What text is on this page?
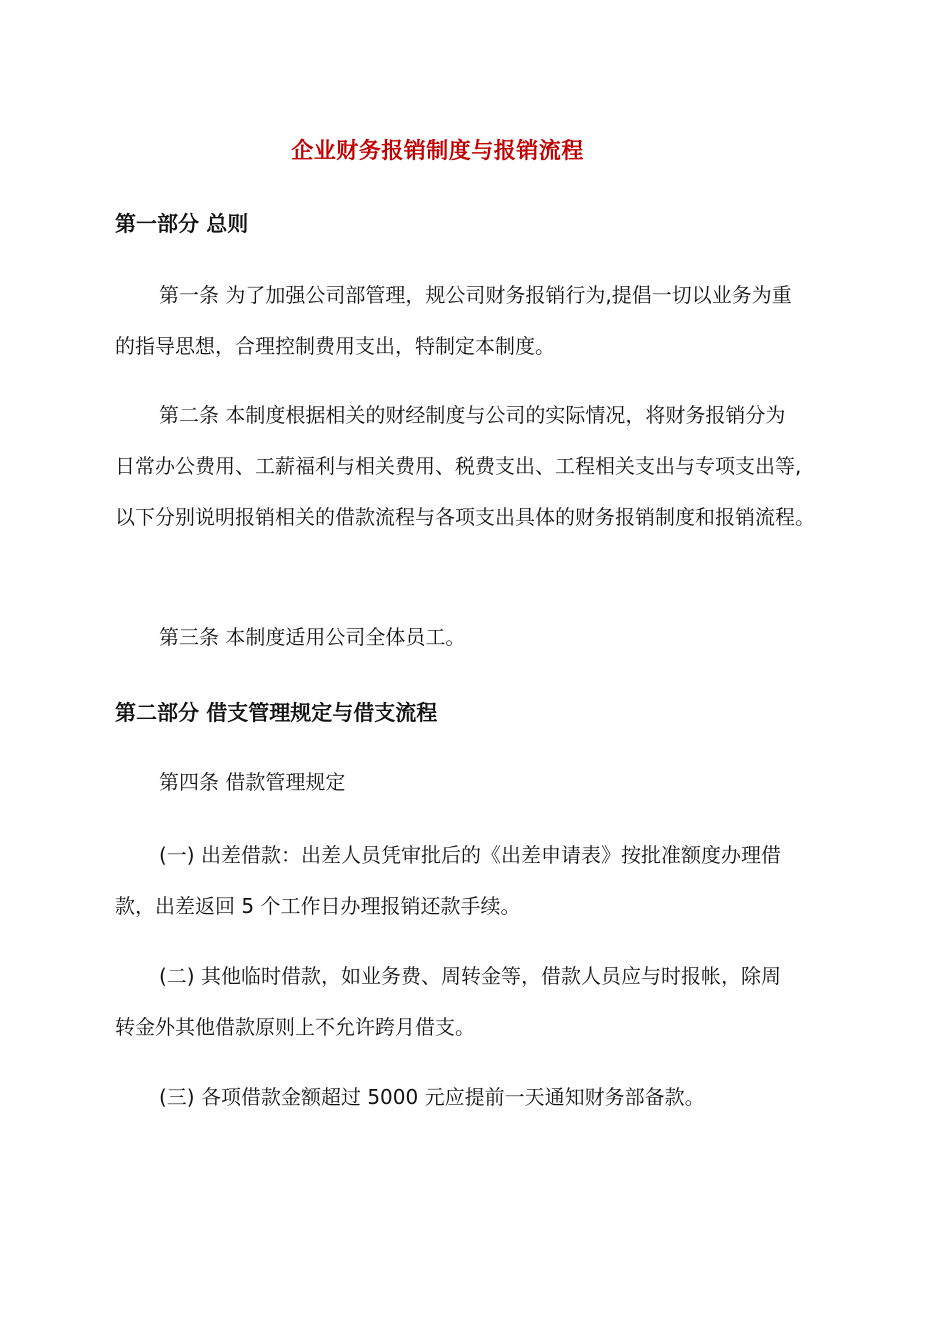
企业财务报销制度与报销流程
第一部分 总则
第一条 为了加强公司部管理，规公司财务报销行为,提倡一切以业务为重
的指导思想，合理控制费用支出，特制定本制度。
第二条 本制度根据相关的财经制度与公司的实际情况，将财务报销分为
日常办公费用、工薪福利与相关费用、税费支出、工程相关支出与专项支出等,
以下分别说明报销相关的借款流程与各项支出具体的财务报销制度和报销流程。
第三条 本制度适用公司全体员工。
第二部分 借支管理规定与借支流程
第四条 借款管理规定
(一) 出差借款：出差人员凭审批后的《出差申请表》按批准额度办理借
款，出差返回 5 个工作日办理报销还款手续。
(二) 其他临时借款，如业务费、周转金等，借款人员应与时报帐，除周
转金外其他借款原则上不允许跨月借支。
(三) 各项借款金额超过 5000 元应提前一天通知财务部备款。
